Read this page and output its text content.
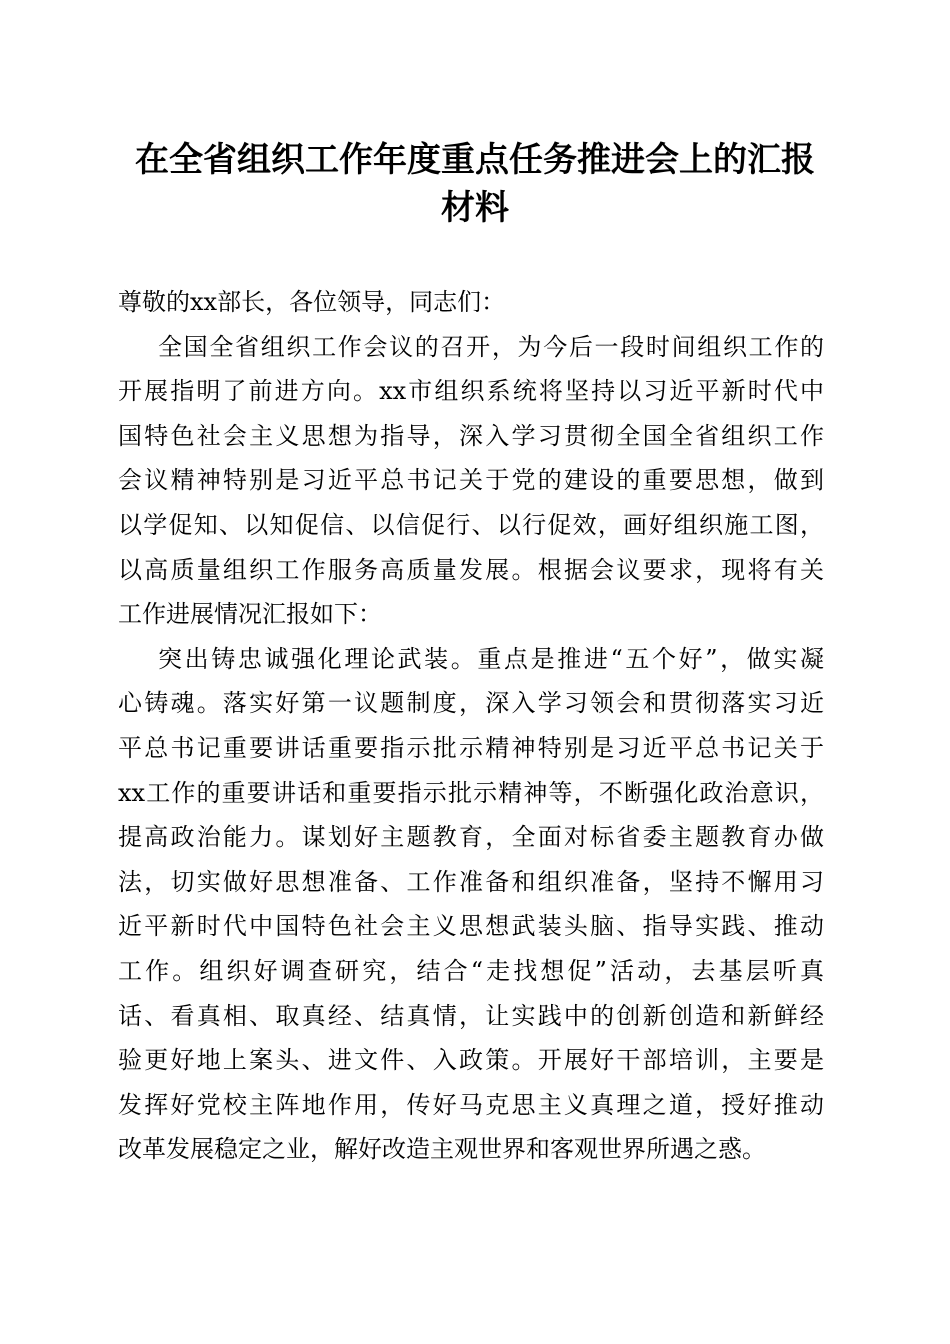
在全省组织工作年度重点任务推进会上的汇报
材料
尊敬的xx部长，各位领导，同志们：
全国全省组织工作会议的召开，为今后一段时间组织工作的
开展指明了前进方向。xx市组织系统将坚持以习近平新时代中
国特色社会主义思想为指导，深入学习贯彻全国全省组织工作
会议精神特别是习近平总书记关于党的建设的重要思想，做到
以学促知、以知促信、以信促行、以行促效，画好组织施工图，
以高质量组织工作服务高质量发展。根据会议要求，现将有关
工作进展情况汇报如下：
突出铸忠诚强化理论武装。重点是推进“五个好”，做实凝
心铸魂。落实好第一议题制度，深入学习领会和贯彻落实习近
平总书记重要讲话重要指示批示精神特别是习近平总书记关于
xx工作的重要讲话和重要指示批示精神等，不断强化政治意识，
提高政治能力。谋划好主题教育，全面对标省委主题教育办做
法，切实做好思想准备、工作准备和组织准备，坚持不懈用习
近平新时代中国特色社会主义思想武装头脑、指导实践、推动
工作。组织好调查研究，结合“走找想促”活动，去基层听真
话、看真相、取真经、结真情，让实践中的创新创造和新鲜经
验更好地上案头、进文件、入政策。开展好干部培训，主要是
发挥好党校主阵地作用，传好马克思主义真理之道，授好推动
改革发展稳定之业，解好改造主观世界和客观世界所遇之惑。
